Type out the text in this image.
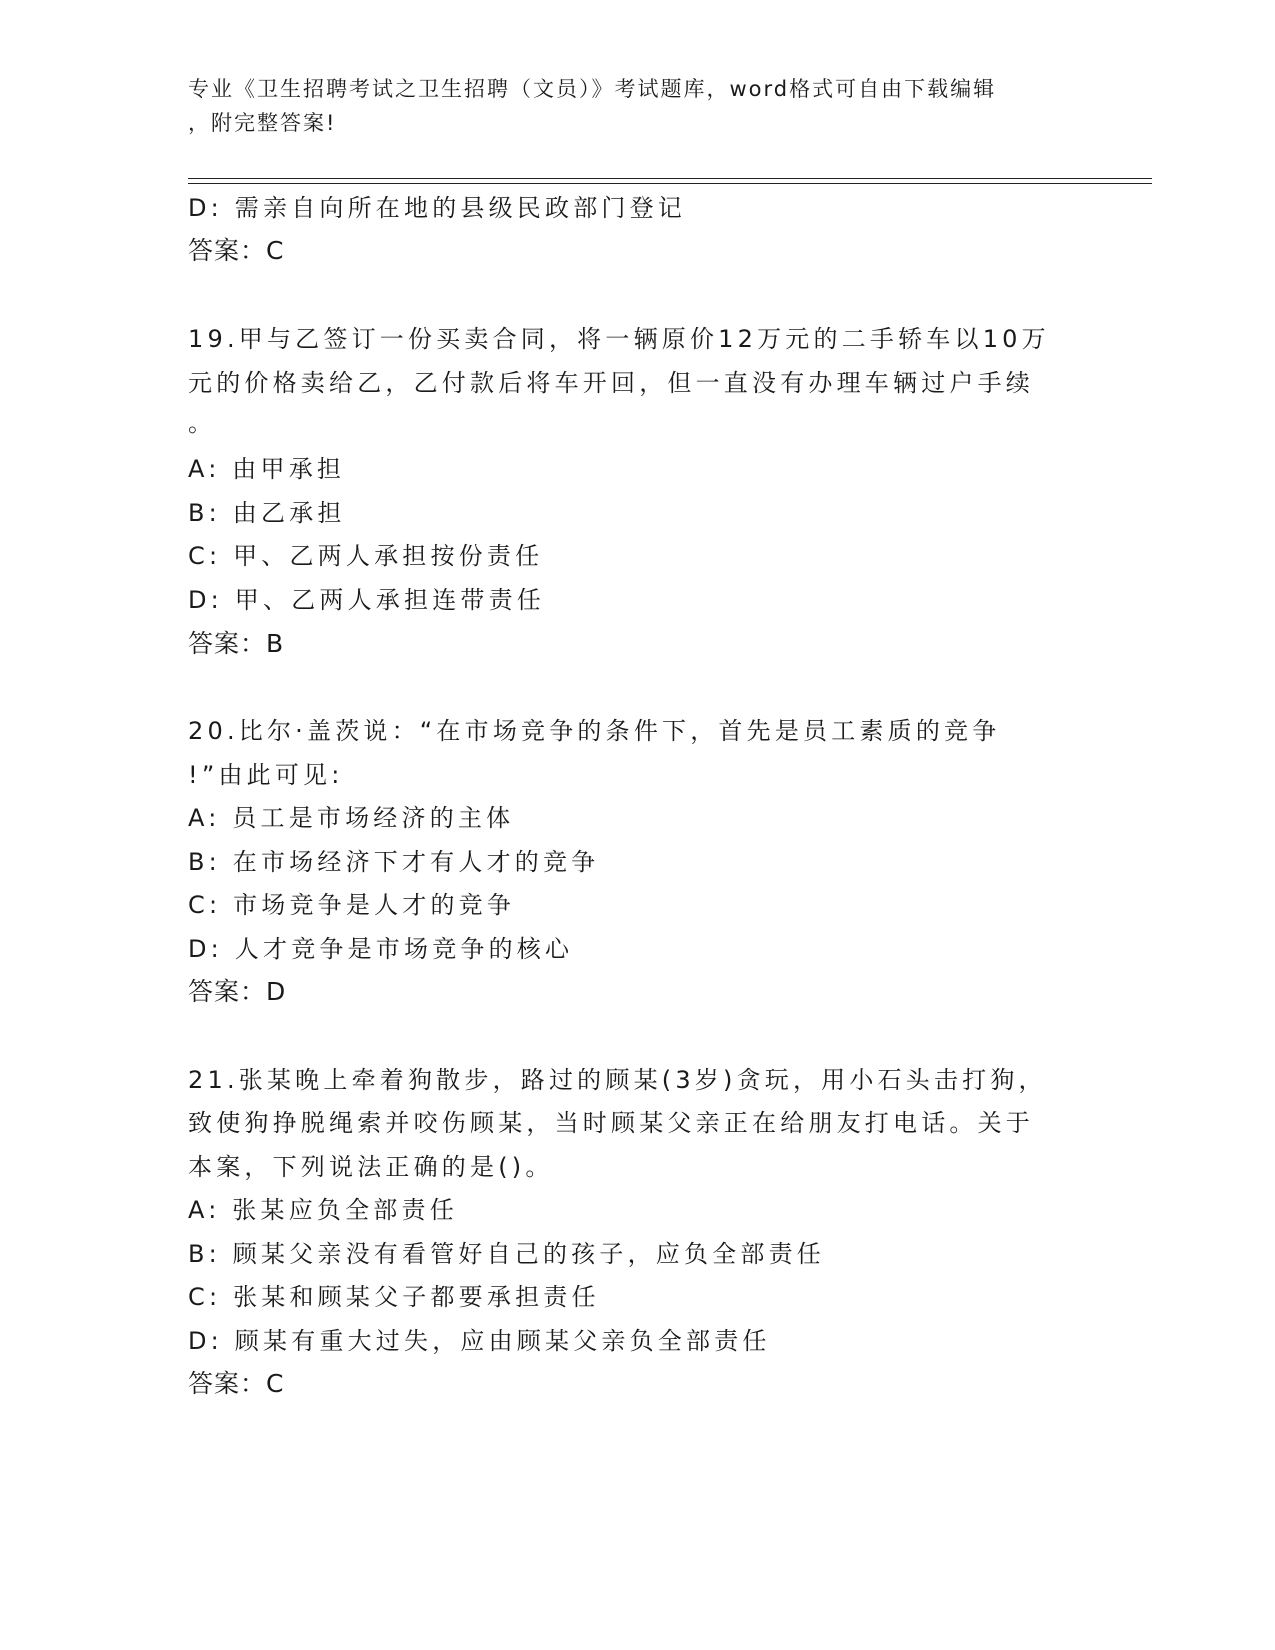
专业《卫生招聘考试之卫生招聘（文员）》考试题库，word格式可自由下载编辑
，附完整答案!
D: 需亲自向所在地的县级民政部门登记
答案：C
19.甲与乙签订一份买卖合同，将一辆原价12万元的二手轿车以10万
元的价格卖给乙，乙付款后将车开回，但一直没有办理车辆过户手续
。
A: 由甲承担
B: 由乙承担
C: 甲、乙两人承担按份责任
D: 甲、乙两人承担连带责任
答案：B
20.比尔·盖茨说：“在市场竞争的条件下，首先是员工素质的竞争
!”由此可见:
A: 员工是市场经济的主体
B: 在市场经济下才有人才的竞争
C: 市场竞争是人才的竞争
D: 人才竞争是市场竞争的核心
答案：D
21.张某晚上牵着狗散步，路过的顾某(3岁)贪玩，用小石头击打狗，
致使狗挣脱绳索并咬伤顾某，当时顾某父亲正在给朋友打电话。关于
本案，下列说法正确的是()。
A: 张某应负全部责任
B: 顾某父亲没有看管好自己的孩子，应负全部责任
C: 张某和顾某父子都要承担责任
D: 顾某有重大过失，应由顾某父亲负全部责任
答案：C
